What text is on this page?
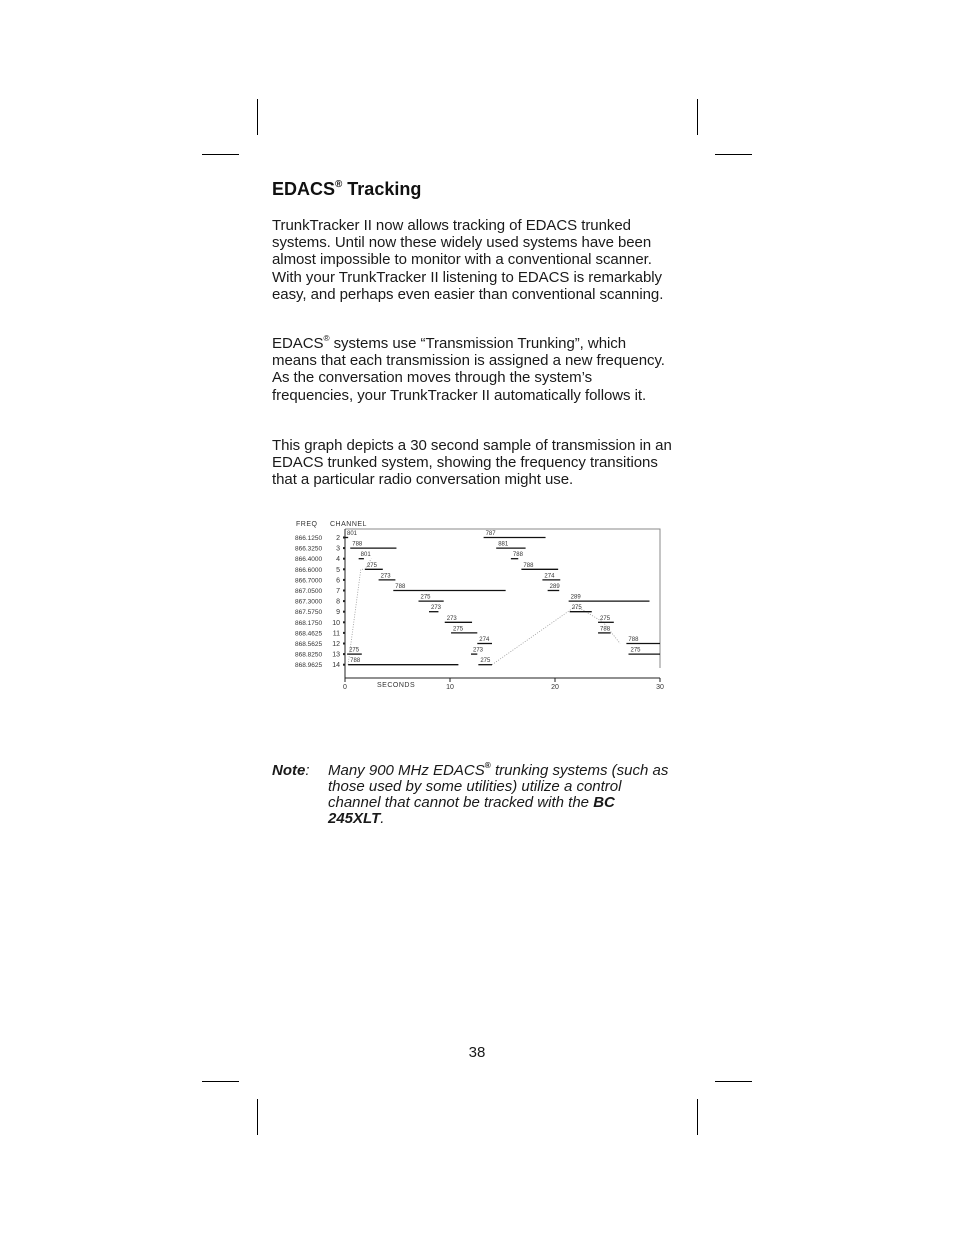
EDACS® Tracking

TrunkTracker II now allows tracking of EDACS trunked systems. Until now these widely used systems have been almost impossible to monitor with a conventional scanner. With your TrunkTracker II listening to EDACS is remarkably easy, and perhaps even easier than conventional scanning.

EDACS® systems use “Transmission Trunking”, which means that each transmission is assigned a new frequency. As the conversation moves through the system’s frequencies, your TrunkTracker II automatically follows it.

This graph depicts a 30 second sample of transmission in an EDACS trunked system, showing the frequency transitions that a particular radio conversation might use.

FREQ CHANNEL
SECONDS
866.1250 2
866.3250 3
866.4000 4
866.6000 5
866.7000 6
867.0500 7
867.3000 8
867.5750 9
868.1750 10
868.4625 11
868.5625 12
868.8250 13
868.9625 14
0	10	20	30
801
788
801
275
273
788
275
273
273
275
274
273
275
275
788
787
881
788
788
274
289
289
275
275
788
788
275
Note: Many 900 MHz EDACS® trunking systems (such as those used by some utilities) utilize a control channel that cannot be tracked with the BC 245XLT.
38
